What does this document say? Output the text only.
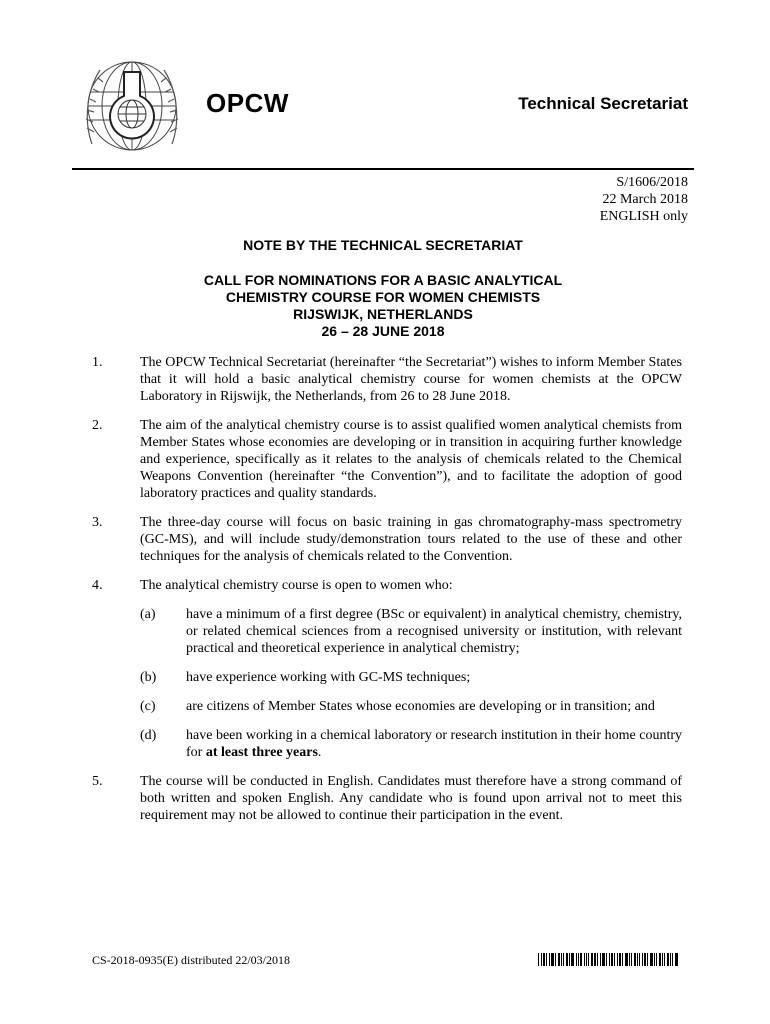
OPCW	Technical Secretariat
S/1606/2018
22 March 2018
ENGLISH only
NOTE BY THE TECHNICAL SECRETARIAT
CALL FOR NOMINATIONS FOR A BASIC ANALYTICAL
CHEMISTRY COURSE FOR WOMEN CHEMISTS
RIJSWIJK, NETHERLANDS
26 – 28 JUNE 2018
1.	The OPCW Technical Secretariat (hereinafter “the Secretariat”) wishes to inform Member States that it will hold a basic analytical chemistry course for women chemists at the OPCW Laboratory in Rijswijk, the Netherlands, from 26 to 28 June 2018.
2.	The aim of the analytical chemistry course is to assist qualified women analytical chemists from Member States whose economies are developing or in transition in acquiring further knowledge and experience, specifically as it relates to the analysis of chemicals related to the Chemical Weapons Convention (hereinafter “the Convention”), and to facilitate the adoption of good laboratory practices and quality standards.
3.	The three-day course will focus on basic training in gas chromatography-mass spectrometry (GC-MS), and will include study/demonstration tours related to the use of these and other techniques for the analysis of chemicals related to the Convention.
4.	The analytical chemistry course is open to women who:
(a)	have a minimum of a first degree (BSc or equivalent) in analytical chemistry, chemistry, or related chemical sciences from a recognised university or institution, with relevant practical and theoretical experience in analytical chemistry;
(b)	have experience working with GC-MS techniques;
(c)	are citizens of Member States whose economies are developing or in transition; and
(d)	have been working in a chemical laboratory or research institution in their home country for at least three years.
5.	The course will be conducted in English. Candidates must therefore have a strong command of both written and spoken English. Any candidate who is found upon arrival not to meet this requirement may not be allowed to continue their participation in the event.
CS-2018-0935(E) distributed 22/03/2018
